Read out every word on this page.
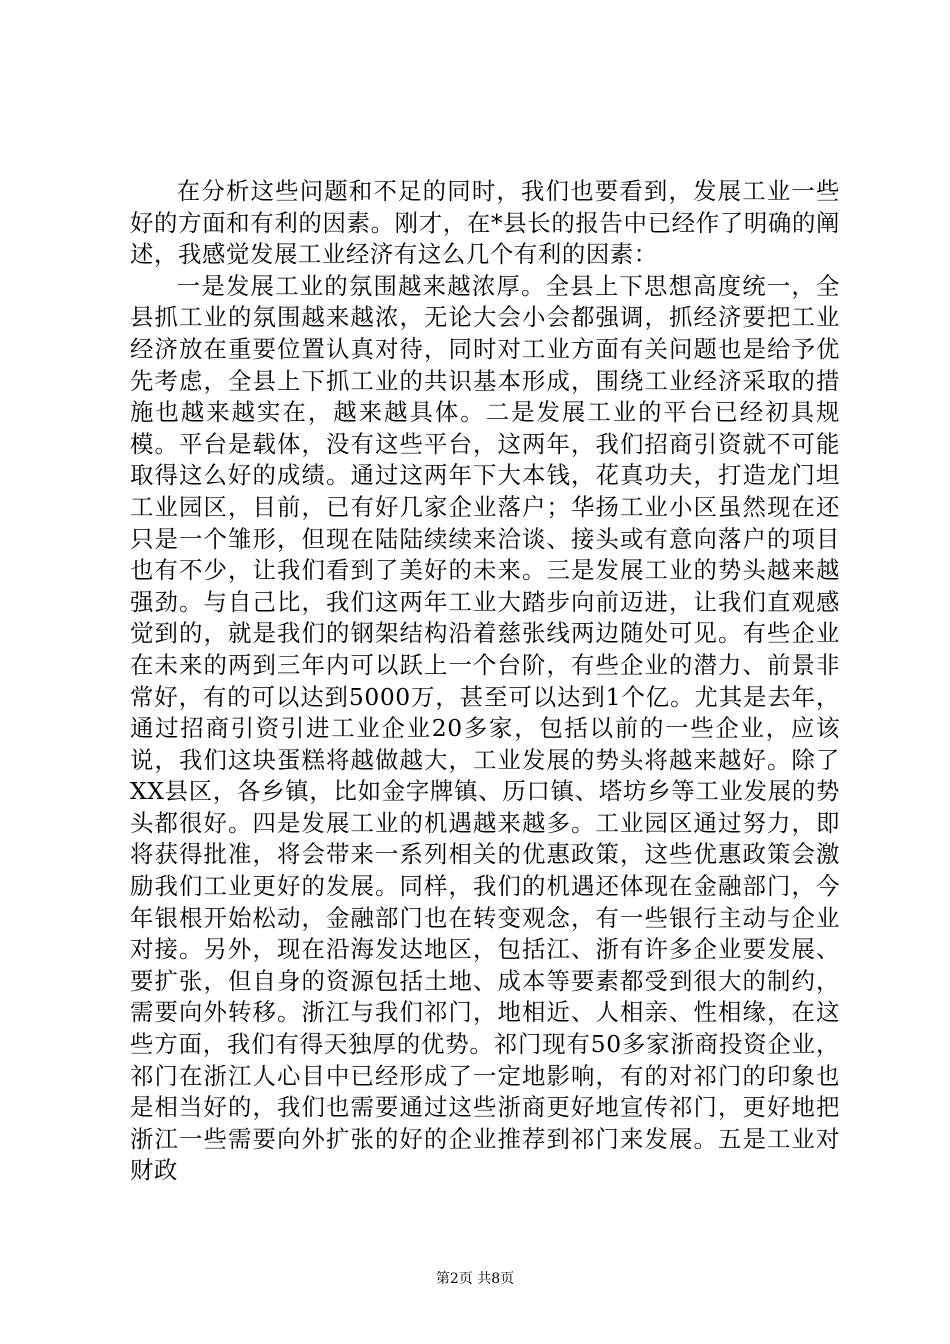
在分析这些问题和不足的同时，我们也要看到，发展工业一些好的方面和有利的因素。刚才，在*县长的报告中已经作了明确的阐述，我感觉发展工业经济有这么几个有利的因素：

一是发展工业的氛围越来越浓厚。全县上下思想高度统一，全县抓工业的氛围越来越浓，无论大会小会都强调，抓经济要把工业经济放在重要位置认真对待，同时对工业方面有关问题也是给予优先考虑，全县上下抓工业的共识基本形成，围绕工业经济采取的措施也越来越实在，越来越具体。二是发展工业的平台已经初具规模。平台是载体，没有这些平台，这两年，我们招商引资就不可能取得这么好的成绩。通过这两年下大本钱，花真功夫，打造龙门坦工业园区，目前，已有好几家企业落户；华扬工业小区虽然现在还只是一个雏形，但现在陆陆续续来洽谈、接头或有意向落户的项目也有不少，让我们看到了美好的未来。三是发展工业的势头越来越强劲。与自己比，我们这两年工业大踏步向前迈进，让我们直观感觉到的，就是我们的钢架结构沿着慈张线两边随处可见。有些企业在未来的两到三年内可以跃上一个台阶，有些企业的潜力、前景非常好，有的可以达到5000万，甚至可以达到1个亿。尤其是去年，通过招商引资引进工业企业20多家，包括以前的一些企业，应该说，我们这块蛋糕将越做越大，工业发展的势头将越来越好。除了XX县区，各乡镇，比如金字牌镇、历口镇、塔坊乡等工业发展的势头都很好。四是发展工业的机遇越来越多。工业园区通过努力，即将获得批准，将会带来一系列相关的优惠政策，这些优惠政策会激励我们工业更好的发展。同样，我们的机遇还体现在金融部门，今年银根开始松动，金融部门也在转变观念，有一些银行主动与企业对接。另外，现在沿海发达地区，包括江、浙有许多企业要发展、要扩张，但自身的资源包括土地、成本等要素都受到很大的制约，需要向外转移。浙江与我们祁门，地相近、人相亲、性相缘，在这些方面，我们有得天独厚的优势。祁门现有50多家浙商投资企业，祁门在浙江人心目中已经形成了一定地影响，有的对祁门的印象也是相当好的，我们也需要通过这些浙商更好地宣传祁门，更好地把浙江一些需要向外扩张的好的企业推荐到祁门来发展。五是工业对财政

第2页 共8页
